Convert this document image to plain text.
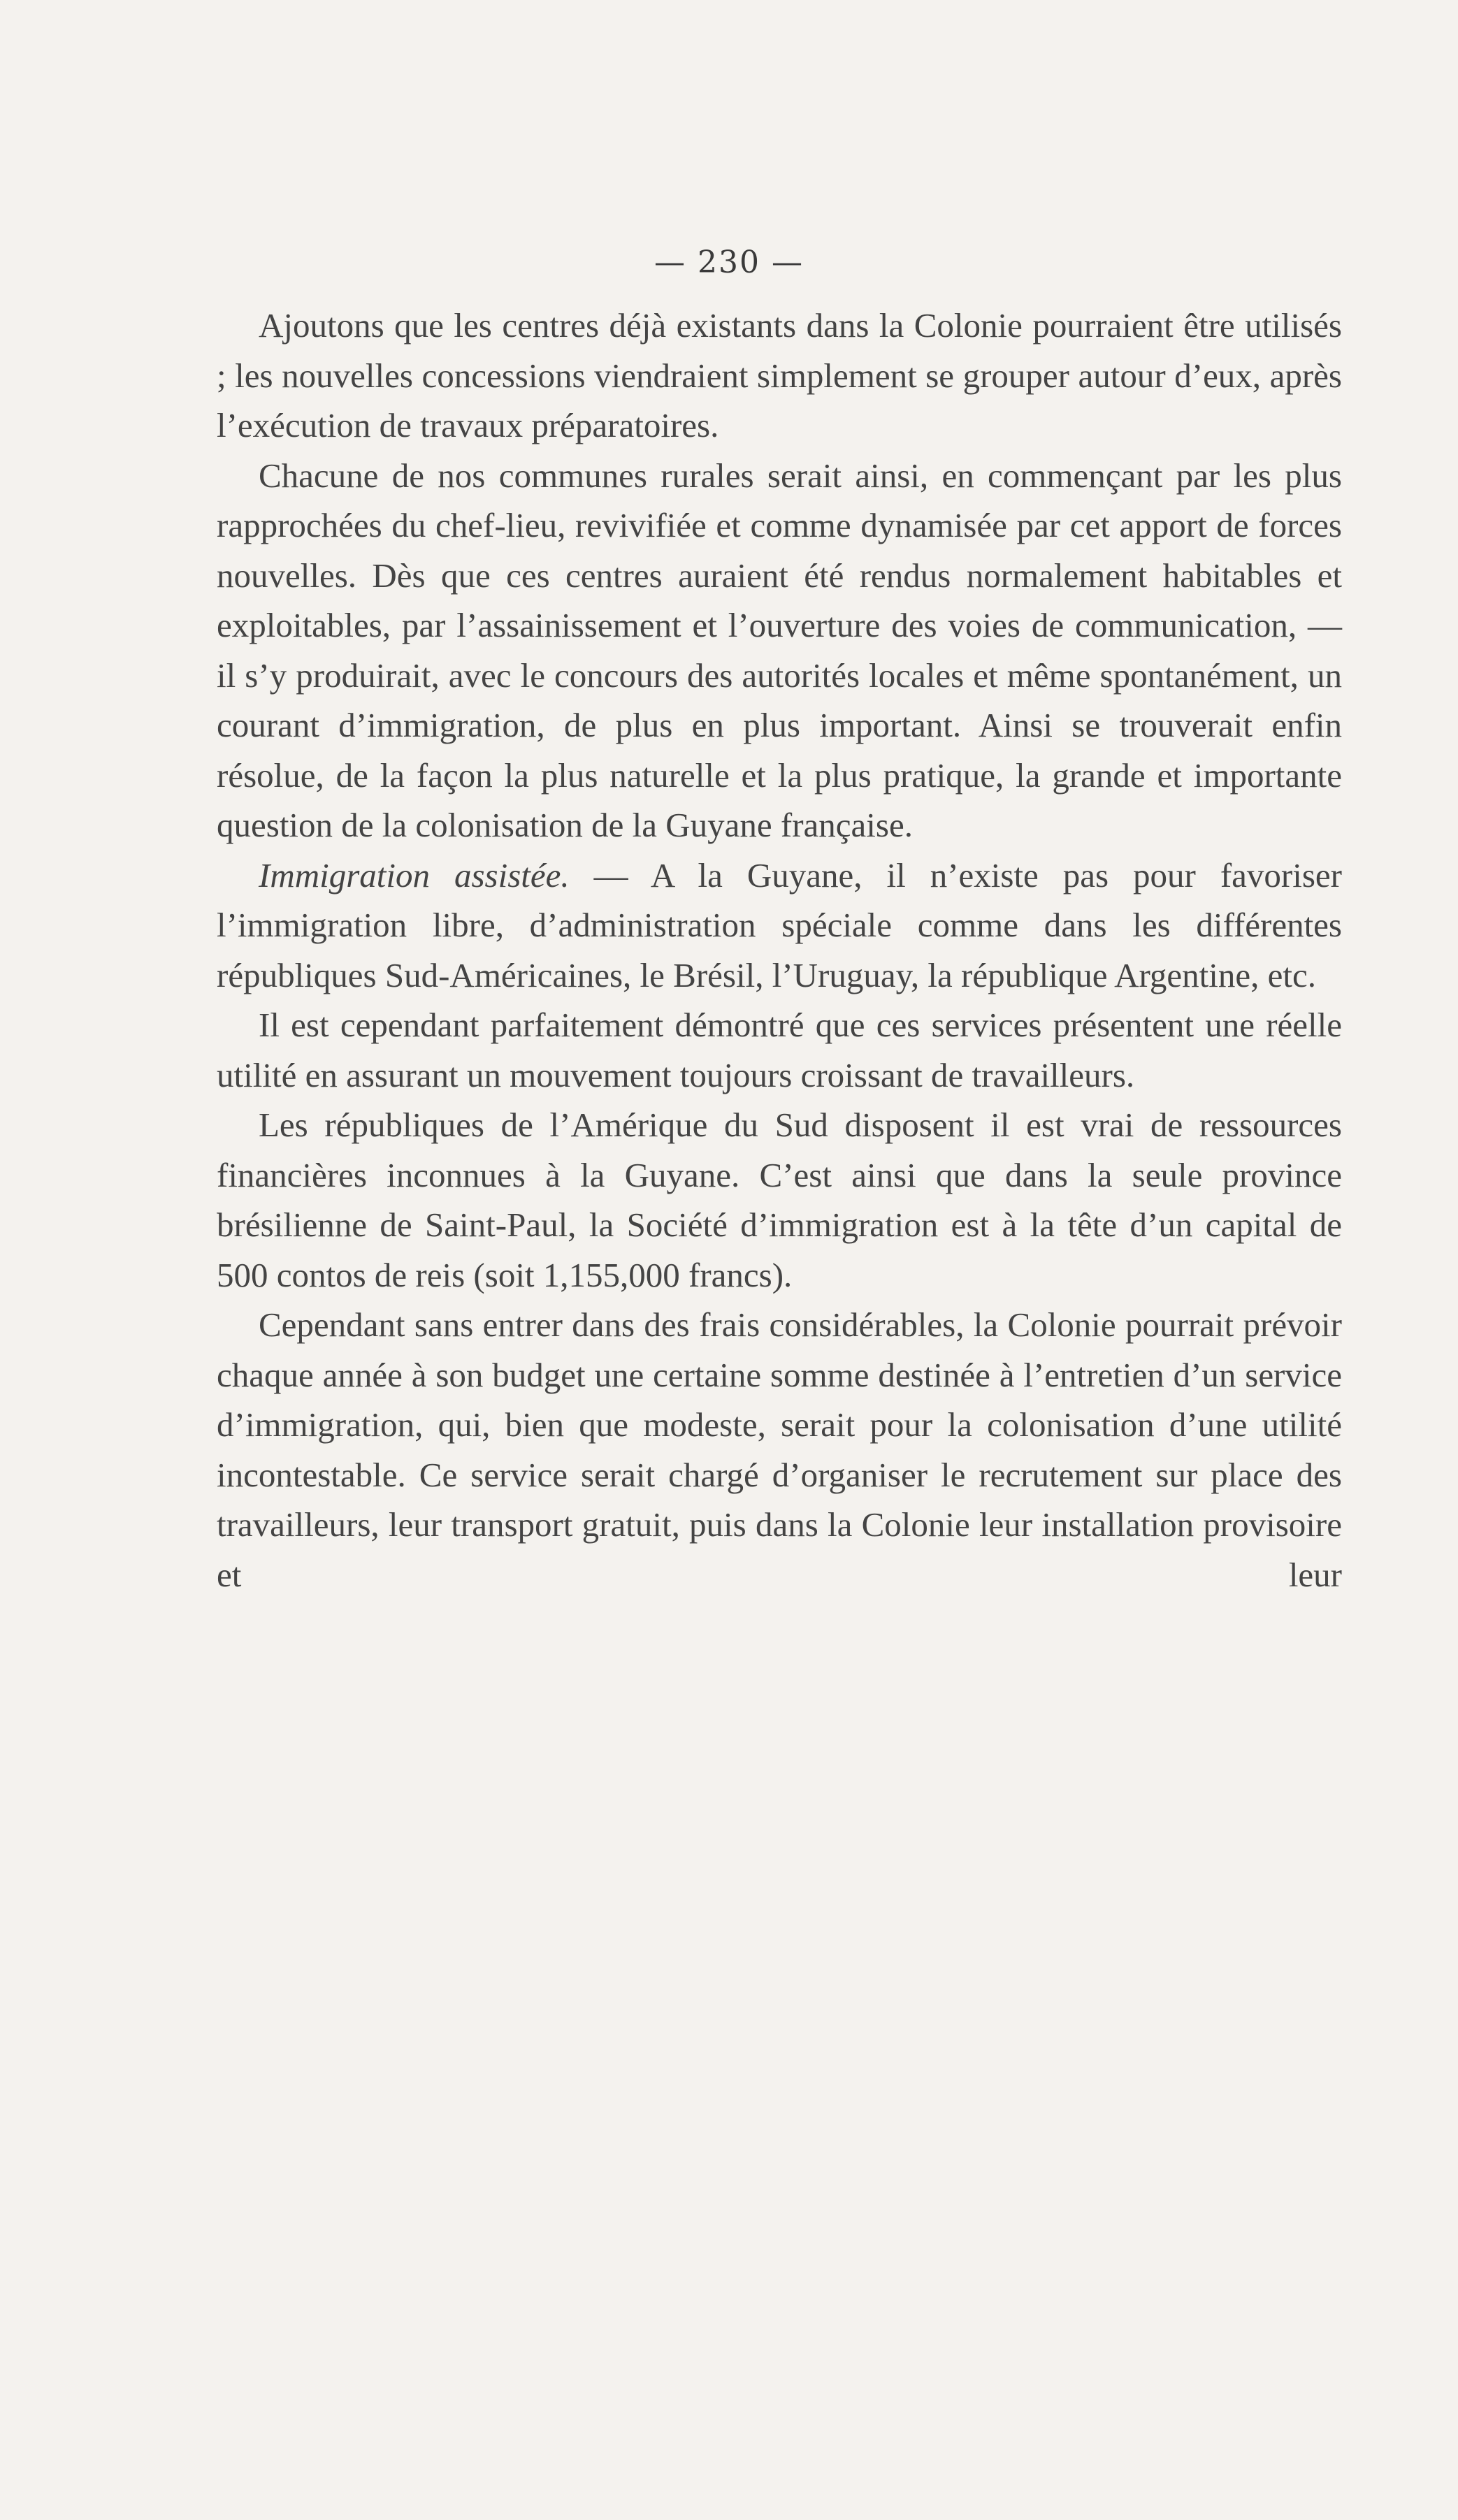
— 230 —

Ajoutons que les centres déjà existants dans la Colonie pourraient être utilisés ; les nouvelles concessions viendraient simplement se grouper autour d’eux, après l’exécution de travaux préparatoires.

Chacune de nos communes rurales serait ainsi, en commençant par les plus rapprochées du chef-lieu, revivifiée et comme dynamisée par cet apport de forces nouvelles. Dès que ces centres auraient été rendus normalement habitables et exploitables, par l’assainissement et l’ouverture des voies de communication, — il s’y produirait, avec le concours des autorités locales et même spontanément, un courant d’immigration, de plus en plus important. Ainsi se trouverait enfin résolue, de la façon la plus naturelle et la plus pratique, la grande et importante question de la colonisation de la Guyane française.

Immigration assistée. — A la Guyane, il n’existe pas pour favoriser l’immigration libre, d’administration spéciale comme dans les différentes républiques Sud-Américaines, le Brésil, l’Uruguay, la république Argentine, etc.

Il est cependant parfaitement démontré que ces services présentent une réelle utilité en assurant un mouvement toujours croissant de travailleurs.

Les républiques de l’Amérique du Sud disposent il est vrai de ressources financières inconnues à la Guyane. C’est ainsi que dans la seule province brésilienne de Saint-Paul, la Société d’immigration est à la tête d’un capital de 500 contos de reis (soit 1,155,000 francs).

Cependant sans entrer dans des frais considérables, la Colonie pourrait prévoir chaque année à son budget une certaine somme destinée à l’entretien d’un service d’immigration, qui, bien que modeste, serait pour la colonisation d’une utilité incontestable. Ce service serait chargé d’organiser le recrutement sur place des travailleurs, leur transport gratuit, puis dans la Colonie leur installation provisoire et leur
